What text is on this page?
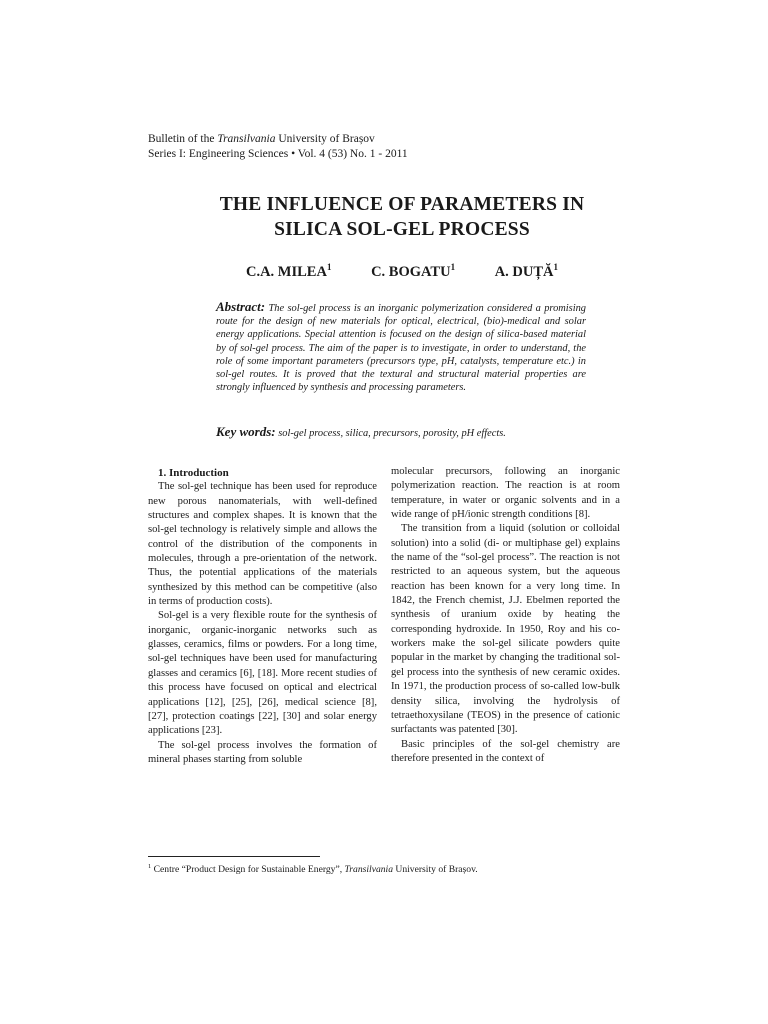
Bulletin of the Transilvania University of Brașov
Series I: Engineering Sciences • Vol. 4 (53) No. 1 - 2011
THE INFLUENCE OF PARAMETERS IN
SILICA SOL-GEL PROCESS
C.A. MILEA$^1$	C. BOGATU$^1$	A. DUȚĂ$^1$
Abstract: The sol-gel process is an inorganic polymerization considered a promising route for the design of new materials for optical, electrical, (bio)-medical and solar energy applications. Special attention is focused on the design of silica-based material by of sol-gel process. The aim of the paper is to investigate, in order to understand, the role of some important parameters (precursors type, pH, catalysts, temperature etc.) in sol-gel routes. It is proved that the textural and structural material properties are strongly influenced by synthesis and processing parameters.
Key words: sol-gel process, silica, precursors, porosity, pH effects.

1. Introduction

The sol-gel technique has been used for reproduce new porous nanomaterials, with well-defined structures and complex shapes. It is known that the sol-gel technology is relatively simple and allows the control of the distribution of the components in molecules, through a pre-orientation of the network. Thus, the potential applications of the materials synthesized by this method can be competitive (also in terms of production costs).

Sol-gel is a very flexible route for the synthesis of inorganic, organic-inorganic networks such as glasses, ceramics, films or powders. For a long time, sol-gel techniques have been used for manufacturing glasses and ceramics [6], [18]. More recent studies of this process have focused on optical and electrical applications [12], [25], [26], medical science [8], [27], protection coatings [22], [30] and solar energy applications [23].

The sol-gel process involves the formation of mineral phases starting from soluble

molecular precursors, following an inorganic polymerization reaction. The reaction is at room temperature, in water or organic solvents and in a wide range of pH/ionic strength conditions [8].

The transition from a liquid (solution or colloidal solution) into a solid (di- or multiphase gel) explains the name of the “sol-gel process”. The reaction is not restricted to an aqueous system, but the aqueous reaction has been known for a very long time. In 1842, the French chemist, J.J. Ebelmen reported the synthesis of uranium oxide by heating the corresponding hydroxide. In 1950, Roy and his co-workers make the sol-gel silicate powders quite popular in the market by changing the traditional sol-gel process into the synthesis of new ceramic oxides. In 1971, the production process of so-called low-bulk density silica, involving the hydrolysis of tetraethoxysilane (TEOS) in the presence of cationic surfactants was patented [30].

Basic principles of the sol-gel chemistry are therefore presented in the context of

$^1$ Centre “Product Design for Sustainable Energy”, Transilvania University of Brașov.
